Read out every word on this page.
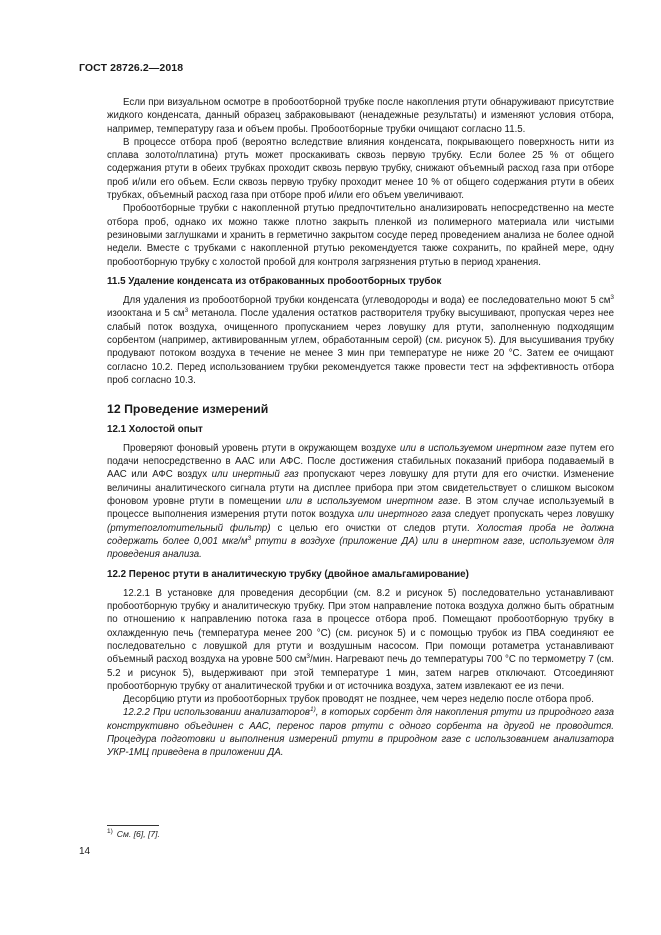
ГОСТ 28726.2—2018

Если при визуальном осмотре в пробоотборной трубке после накопления ртути обнаруживают присутствие жидкого конденсата, данный образец забраковывают (ненадежные результаты) и изменяют условия отбора, например, температуру газа и объем пробы. Пробоотборные трубки очищают согласно 11.5.

В процессе отбора проб (вероятно вследствие влияния конденсата, покрывающего поверхность нити из сплава золото/платина) ртуть может проскакивать сквозь первую трубку. Если более 25 % от общего содержания ртути в обеих трубках проходит сквозь первую трубку, снижают объемный расход газа при отборе проб и/или его объем. Если сквозь первую трубку проходит менее 10 % от общего содержания ртути в обеих трубках, объемный расход газа при отборе проб и/или его объем увеличивают.

Пробоотборные трубки с накопленной ртутью предпочтительно анализировать непосредственно на месте отбора проб, однако их можно также плотно закрыть пленкой из полимерного материала или чистыми резиновыми заглушками и хранить в герметично закрытом сосуде перед проведением анализа не более одной недели. Вместе с трубками с накопленной ртутью рекомендуется также сохранить, по крайней мере, одну пробоотборную трубку с холостой пробой для контроля загрязнения ртутью в период хранения.

11.5 Удаление конденсата из отбракованных пробоотборных трубок

Для удаления из пробоотборной трубки конденсата (углеводороды и вода) ее последовательно моют 5 $см^3$ изооктана и 5 $см^3$ метанола. После удаления остатков растворителя трубку высушивают, пропуская через нее слабый поток воздуха, очищенного пропусканием через ловушку для ртути, заполненную подходящим сорбентом (например, активированным углем, обработанным серой) (см. рисунок 5). Для высушивания трубку продувают потоком воздуха в течение не менее 3 мин при температуре не ниже 20 °С. Затем ее очищают согласно 10.2. Перед использованием трубки рекомендуется также провести тест на эффективность отбора проб согласно 10.3.

12 Проведение измерений

12.1 Холостой опыт

Проверяют фоновый уровень ртути в окружающем воздухе или в используемом инертном газе путем его подачи непосредственно в ААС или АФС. После достижения стабильных показаний прибора подаваемый в ААС или АФС воздух или инертный газ пропускают через ловушку для ртути для его очистки. Изменение величины аналитического сигнала ртути на дисплее прибора при этом свидетельствует о слишком высоком фоновом уровне ртути в помещении или в используемом инертном газе. В этом случае используемый в процессе выполнения измерения ртути поток воздуха или инертного газа следует пропускать через ловушку (ртутепоглотительный фильтр) с целью его очистки от следов ртути. Холостая проба не должна содержать более 0,001 мкг/$м^3$ ртути в воздухе (приложение ДА) или в инертном газе, используемом для проведения анализа.

12.2 Перенос ртути в аналитическую трубку (двойное амальгамирование)

12.2.1 В установке для проведения десорбции (см. 8.2 и рисунок 5) последовательно устанавливают пробоотборную трубку и аналитическую трубку. При этом направление потока воздуха должно быть обратным по отношению к направлению потока газа в процессе отбора проб. Помещают пробоотборную трубку в охлажденную печь (температура менее 200 °С) (см. рисунок 5) и с помощью трубок из ПВА соединяют ее последовательно с ловушкой для ртути и воздушным насосом. При помощи ротаметра устанавливают объемный расход воздуха на уровне 500 $см^3$/мин. Нагревают печь до температуры 700 °С по термометру 7 (см. 5.2 и рисунок 5), выдерживают при этой температуре 1 мин, затем нагрев отключают. Отсоединяют пробоотборную трубку от аналитической трубки и от источника воздуха, затем извлекают ее из печи.

Десорбцию ртути из пробоотборных трубок проводят не позднее, чем через неделю после отбора проб.

12.2.2 При использовании анализаторов$^{1)}$, в которых сорбент для накопления ртути из природного газа конструктивно объединен с ААС, перенос паров ртути с одного сорбента на другой не проводится. Процедура подготовки и выполнения измерений ртути в природном газе с использованием анализатора УКР-1МЦ приведена в приложении ДА.

$^{1)}$ См. [6], [7].
14
